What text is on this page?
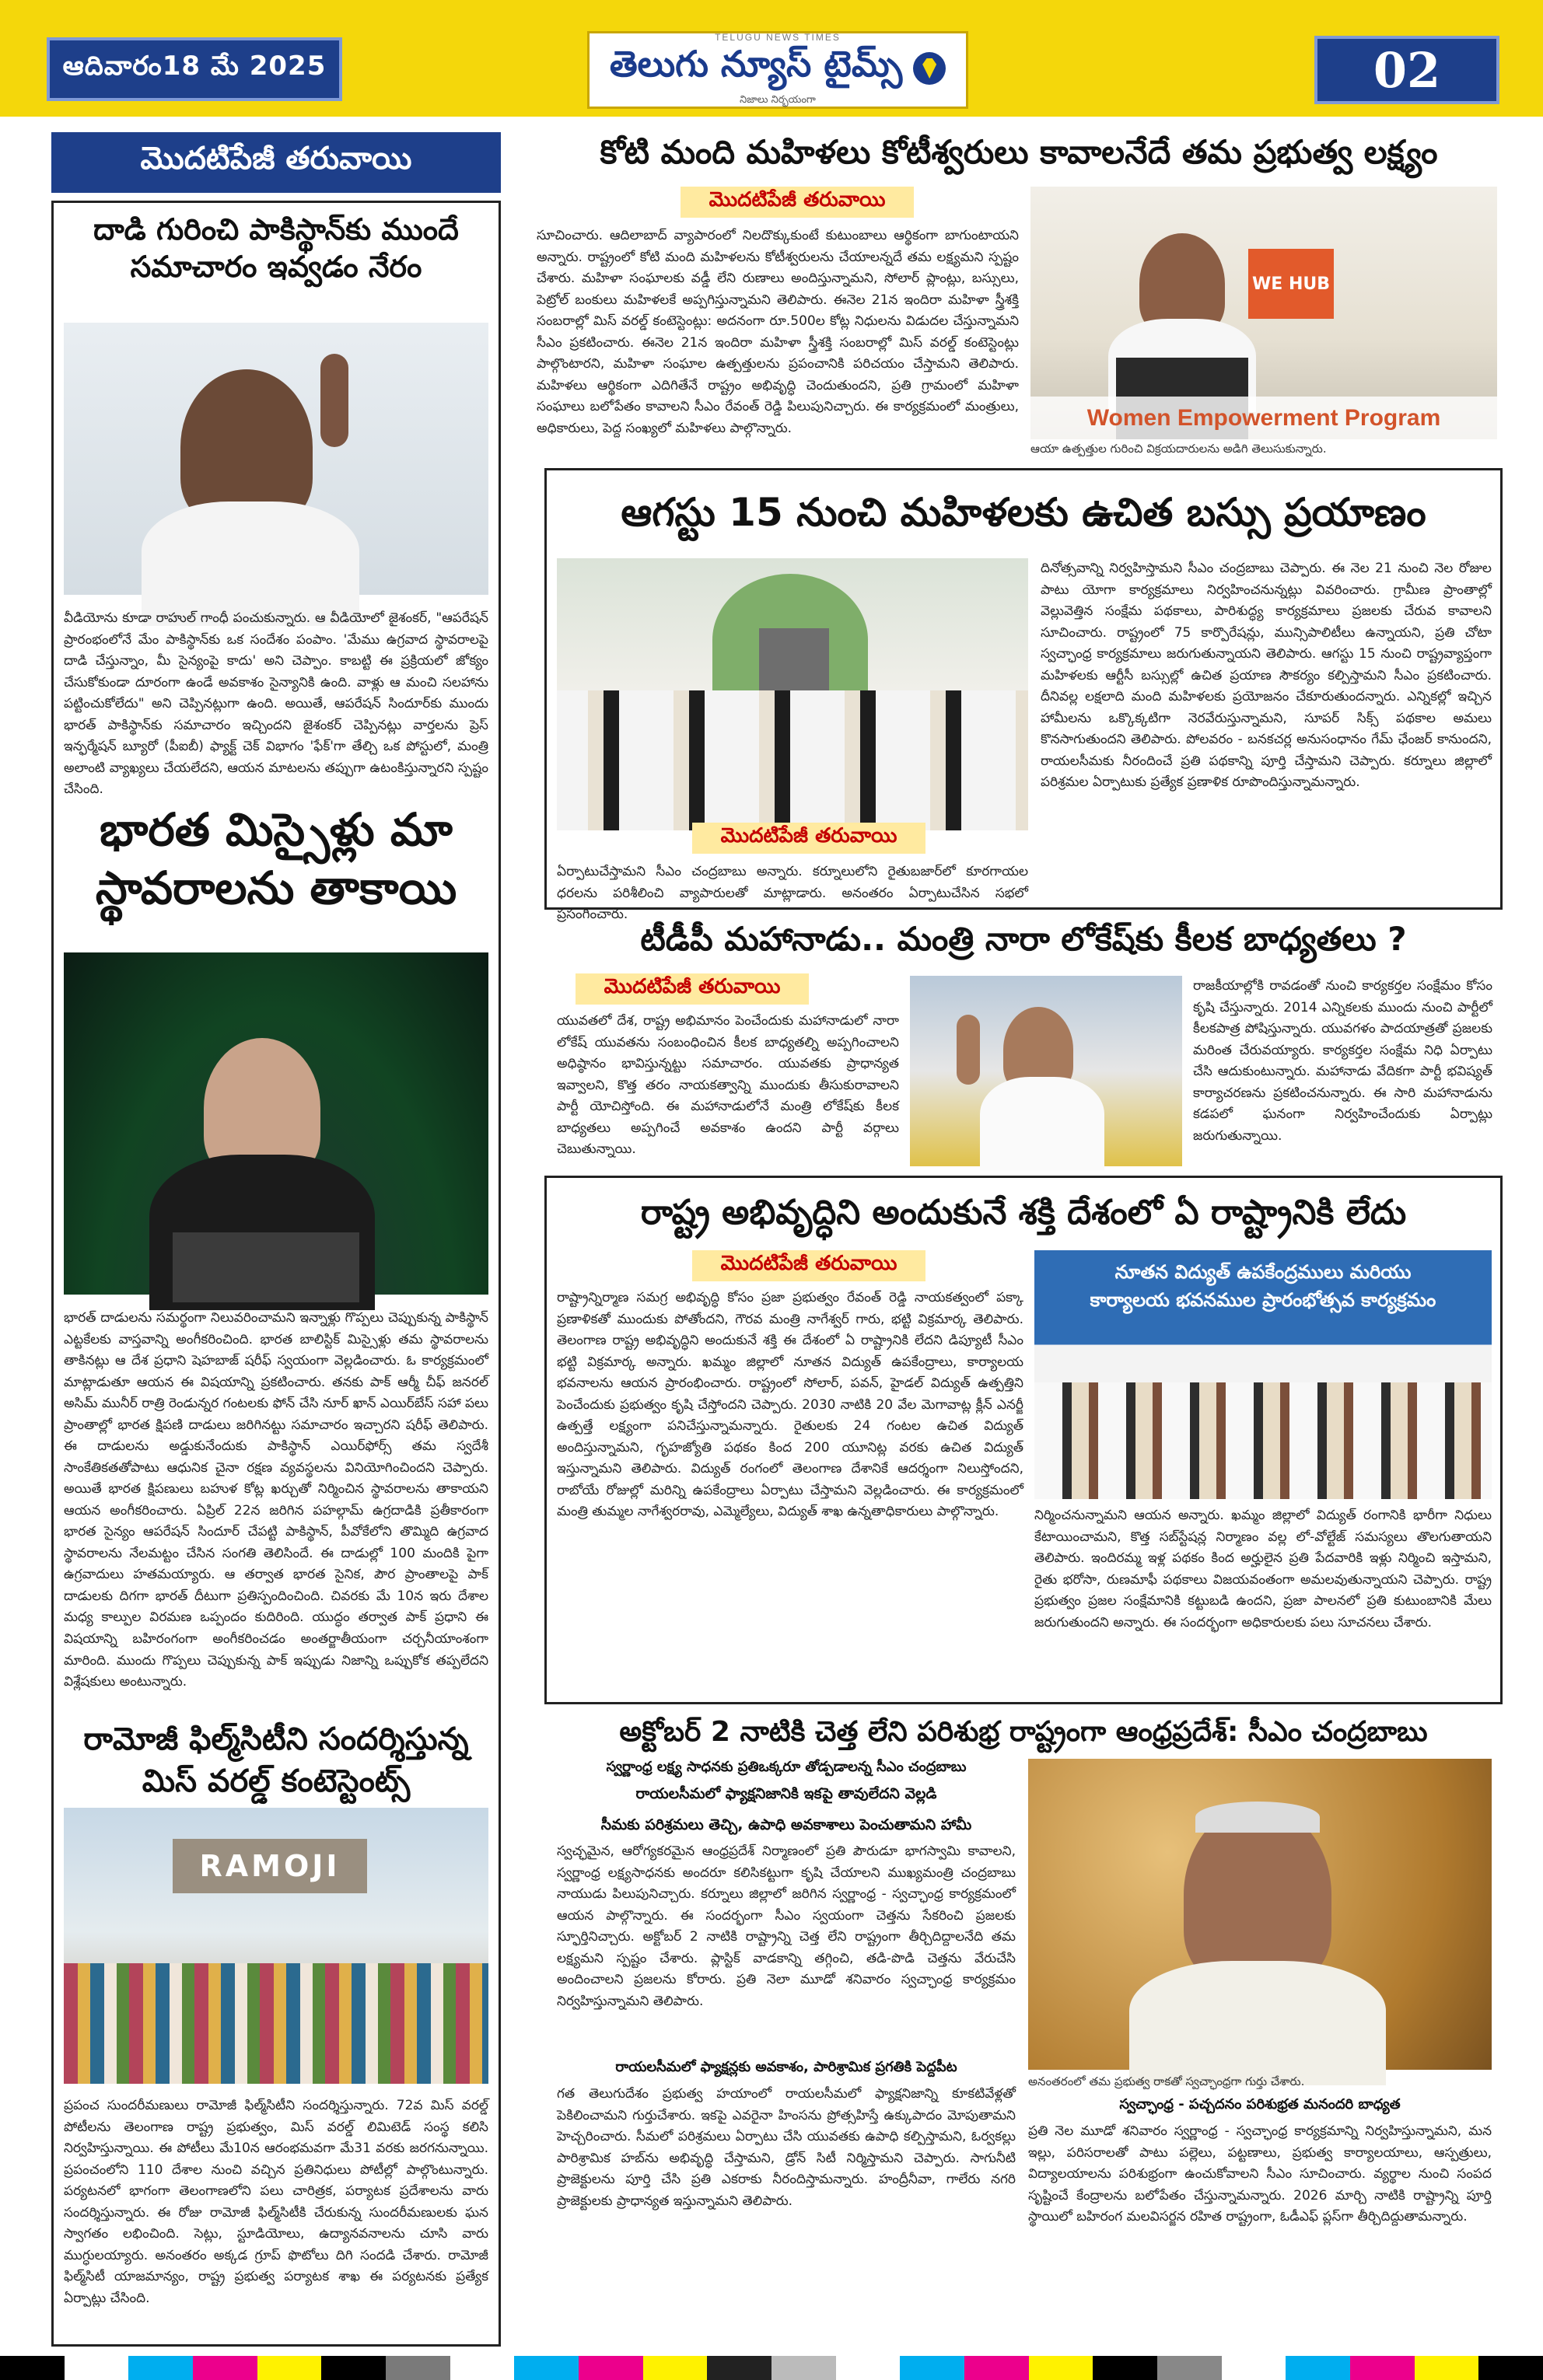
ఆదివారం18 మే 2025
TELUGU NEWS TIMES
తెలుగు న్యూస్ టైమ్స్
నిజాలు నిర్భయంగా
02
మొదటిపేజీ తరువాయి
దాడి గురించి పాకిస్థాన్‌కు ముందే సమాచారం ఇవ్వడం నేరం
వీడియోను కూడా రాహుల్ గాంధీ పంచుకున్నారు. ఆ వీడియోలో జైశంకర్, "ఆపరేషన్ ప్రారంభంలోనే మేం పాకిస్థాన్‌కు ఒక సందేశం పంపాం. 'మేము ఉగ్రవాద స్థావరాలపై దాడి చేస్తున్నాం, మీ సైన్యంపై కాదు' అని చెప్పాం. కాబట్టి ఈ ప్రక్రియలో జోక్యం చేసుకోకుండా దూరంగా ఉండే అవకాశం సైన్యానికి ఉంది. వాళ్లు ఆ మంచి సలహాను పట్టించుకోలేదు" అని చెప్పినట్లుగా ఉంది. అయితే, ఆపరేషన్ సిందూర్‌కు ముందు భారత్ పాకిస్థాన్‌కు సమాచారం ఇచ్చిందని జైశంకర్ చెప్పినట్లు వార్తలను ప్రెస్ ఇన్ఫర్మేషన్ బ్యూరో (పీఐబీ) ఫ్యాక్ట్ చెక్ విభాగం 'ఫేక్'గా తేల్చి ఒక పోస్టులో, మంత్రి అలాంటి వ్యాఖ్యలు చేయలేదని, ఆయన మాటలను తప్పుగా ఉటంకిస్తున్నారని స్పష్టం చేసింది.
భారత మిస్సైళ్లు మా స్థావరాలను తాకాయి
భారత్ దాడులను సమర్థంగా నిలువరించామని ఇన్నాళ్లు గొప్పలు చెప్పుకున్న పాకిస్థాన్ ఎట్టకేలకు వాస్తవాన్ని అంగీకరించింది. భారత బాలిస్టిక్ మిస్సైళ్లు తమ స్థావరాలను తాకినట్లు ఆ దేశ ప్రధాని షెహబాజ్ షరీఫ్ స్వయంగా వెల్లడించారు. ఓ కార్యక్రమంలో మాట్లాడుతూ ఆయన ఈ విషయాన్ని ప్రకటించారు. తనకు పాక్ ఆర్మీ చీఫ్ జనరల్ అసిమ్ మునీర్ రాత్రి రెండున్నర గంటలకు ఫోన్ చేసి నూర్ ఖాన్ ఎయిర్‌బేస్ సహా పలు ప్రాంతాల్లో భారత క్షిపణి దాడులు జరిగినట్టు సమాచారం ఇచ్చారని షరీఫ్ తెలిపారు. ఈ దాడులను అడ్డుకునేందుకు పాకిస్థాన్ ఎయిర్‌ఫోర్స్ తమ స్వదేశీ సాంకేతికతతోపాటు ఆధునిక చైనా రక్షణ వ్యవస్థలను వినియోగించిందని చెప్పారు. అయితే భారత క్షిపణులు బహుళ కోట్ల ఖర్చుతో నిర్మించిన స్థావరాలను తాకాయని ఆయన అంగీకరించారు. ఏప్రిల్ 22న జరిగిన పహల్గామ్ ఉగ్రదాడికి ప్రతీకారంగా భారత సైన్యం ఆపరేషన్ సిందూర్ చేపట్టి పాకిస్థాన్, పీవోకేలోని తొమ్మిది ఉగ్రవాద స్థావరాలను నేలమట్టం చేసిన సంగతి తెలిసిందే. ఈ దాడుల్లో 100 మందికి పైగా ఉగ్రవాదులు హతమయ్యారు. ఆ తర్వాత భారత సైనిక, పౌర ప్రాంతాలపై పాక్ దాడులకు దిగగా భారత్ దీటుగా ప్రతిస్పందించింది. చివరకు మే 10న ఇరు దేశాల మధ్య కాల్పుల విరమణ ఒప్పందం కుదిరింది. యుద్ధం తర్వాత పాక్ ప్రధాని ఈ విషయాన్ని బహిరంగంగా అంగీకరించడం అంతర్జాతీయంగా చర్చనీయాంశంగా మారింది. ముందు గొప్పలు చెప్పుకున్న పాక్ ఇప్పుడు నిజాన్ని ఒప్పుకోక తప్పలేదని విశ్లేషకులు అంటున్నారు.
రామోజీ ఫిల్మ్‌సిటీని సందర్శిస్తున్న మిస్ వరల్డ్ కంటెస్టెంట్స్
RAMOJI
ప్రపంచ సుందరీమణులు రామోజీ ఫిల్మ్‌సిటీని సందర్శిస్తున్నారు. 72వ మిస్ వరల్డ్ పోటీలను తెలంగాణ రాష్ట్ర ప్రభుత్వం, మిస్ వరల్డ్ లిమిటెడ్ సంస్థ కలిసి నిర్వహిస్తున్నాయి. ఈ పోటీలు మే10న ఆరంభమవగా మే31 వరకు జరగనున్నాయి. ప్రపంచంలోని 110 దేశాల నుంచి వచ్చిన ప్రతినిధులు పోటీల్లో పాల్గొంటున్నారు. పర్యటనలో భాగంగా తెలంగాణలోని పలు చారిత్రక, పర్యాటక ప్రదేశాలను వారు సందర్శిస్తున్నారు. ఈ రోజు రామోజీ ఫిల్మ్‌సిటీకి చేరుకున్న సుందరీమణులకు ఘన స్వాగతం లభించింది. సెట్లు, స్టూడియోలు, ఉద్యానవనాలను చూసి వారు ముగ్ధులయ్యారు. అనంతరం అక్కడ గ్రూప్ ఫొటోలు దిగి సందడి చేశారు. రామోజీ ఫిల్మ్‌సిటీ యాజమాన్యం, రాష్ట్ర ప్రభుత్వ పర్యాటక శాఖ ఈ పర్యటనకు ప్రత్యేక ఏర్పాట్లు చేసింది.
కోటి మంది మహిళలు కోటీశ్వరులు కావాలనేదే తమ ప్రభుత్వ లక్ష్యం
మొదటిపేజీ తరువాయి
సూచించారు. ఆదిలాబాద్ వ్యాపారంలో నిలదొక్కుకుంటే కుటుంబాలు ఆర్థికంగా బాగుంటాయని అన్నారు. రాష్ట్రంలో కోటి మంది మహిళలను కోటీశ్వరులను చేయాలన్నదే తమ లక్ష్యమని స్పష్టం చేశారు. మహిళా సంఘాలకు వడ్డీ లేని రుణాలు అందిస్తున్నామని, సోలార్ ప్లాంట్లు, బస్సులు, పెట్రోల్ బంకులు మహిళలకే అప్పగిస్తున్నామని తెలిపారు. ఈనెల 21న ఇందిరా మహిళా స్త్రీశక్తి సంబరాల్లో మిస్ వరల్డ్ కంటెస్టెంట్లు: అదనంగా రూ.500ల కోట్ల నిధులను విడుదల చేస్తున్నామని సీఎం ప్రకటించారు. ఈనెల 21న ఇందిరా మహిళా స్త్రీశక్తి సంబరాల్లో మిస్ వరల్డ్ కంటెస్టెంట్లు పాల్గొంటారని, మహిళా సంఘాల ఉత్పత్తులను ప్రపంచానికి పరిచయం చేస్తామని తెలిపారు. మహిళలు ఆర్థికంగా ఎదిగితేనే రాష్ట్రం అభివృద్ధి చెందుతుందని, ప్రతి గ్రామంలో మహిళా సంఘాలు బలోపేతం కావాలని సీఎం రేవంత్ రెడ్డి పిలుపునిచ్చారు. ఈ కార్యక్రమంలో మంత్రులు, అధికారులు, పెద్ద సంఖ్యలో మహిళలు పాల్గొన్నారు.
WE HUB
Women Empowerment Program
ఆయా ఉత్పత్తుల గురించి విక్రయదారులను అడిగి తెలుసుకున్నారు.
ఆగస్టు 15 నుంచి మహిళలకు ఉచిత బస్సు ప్రయాణం
మొదటిపేజీ తరువాయి
ఏర్పాటుచేస్తామని సీఎం చంద్రబాబు అన్నారు. కర్నూలులోని రైతుబజార్‌లో కూరగాయల ధరలను పరిశీలించి వ్యాపారులతో మాట్లాడారు. అనంతరం ఏర్పాటుచేసిన సభలో ప్రసంగించారు.
దినోత్సవాన్ని నిర్వహిస్తామని సీఎం చంద్రబాబు చెప్పారు. ఈ నెల 21 నుంచి నెల రోజుల పాటు యోగా కార్యక్రమాలు నిర్వహించనున్నట్లు వివరించారు. గ్రామీణ ప్రాంతాల్లో వెల్లువెత్తిన సంక్షేమ పథకాలు, పారిశుద్ధ్య కార్యక్రమాలు ప్రజలకు చేరువ కావాలని సూచించారు. రాష్ట్రంలో 75 కార్పొరేషన్లు, మున్సిపాలిటీలు ఉన్నాయని, ప్రతి చోటా స్వచ్ఛాంధ్ర కార్యక్రమాలు జరుగుతున్నాయని తెలిపారు. ఆగస్టు 15 నుంచి రాష్ట్రవ్యాప్తంగా మహిళలకు ఆర్టీసీ బస్సుల్లో ఉచిత ప్రయాణ సౌకర్యం కల్పిస్తామని సీఎం ప్రకటించారు. దీనివల్ల లక్షలాది మంది మహిళలకు ప్రయోజనం చేకూరుతుందన్నారు. ఎన్నికల్లో ఇచ్చిన హామీలను ఒక్కొక్కటిగా నెరవేరుస్తున్నామని, సూపర్ సిక్స్ పథకాల అమలు కొనసాగుతుందని తెలిపారు. పోలవరం - బనకచర్ల అనుసంధానం గేమ్ ఛేంజర్ కానుందని, రాయలసీమకు నీరందించే ప్రతి పథకాన్ని పూర్తి చేస్తామని చెప్పారు. కర్నూలు జిల్లాలో పరిశ్రమల ఏర్పాటుకు ప్రత్యేక ప్రణాళిక రూపొందిస్తున్నామన్నారు.
టీడీపీ మహానాడు.. మంత్రి నారా లోకేష్‌కు కీలక బాధ్యతలు ?
మొదటిపేజీ తరువాయి
యువతలో దేశ, రాష్ట్ర అభిమానం పెంచేందుకు మహానాడులో నారా లోకేష్ యువతను సంబంధించిన కీలక బాధ్యతల్ని అప్పగించాలని అధిష్ఠానం భావిస్తున్నట్టు సమాచారం. యువతకు ప్రాధాన్యత ఇవ్వాలని, కొత్త తరం నాయకత్వాన్ని ముందుకు తీసుకురావాలని పార్టీ యోచిస్తోంది. ఈ మహానాడులోనే మంత్రి లోకేష్‌కు కీలక బాధ్యతలు అప్పగించే అవకాశం ఉందని పార్టీ వర్గాలు చెబుతున్నాయి.
రాజకీయాల్లోకి రావడంతో నుంచి కార్యకర్తల సంక్షేమం కోసం కృషి చేస్తున్నారు. 2014 ఎన్నికలకు ముందు నుంచి పార్టీలో కీలకపాత్ర పోషిస్తున్నారు. యువగళం పాదయాత్రతో ప్రజలకు మరింత చేరువయ్యారు. కార్యకర్తల సంక్షేమ నిధి ఏర్పాటు చేసి ఆదుకుంటున్నారు. మహానాడు వేదికగా పార్టీ భవిష్యత్ కార్యాచరణను ప్రకటించనున్నారు. ఈ సారి మహానాడును కడపలో ఘనంగా నిర్వహించేందుకు ఏర్పాట్లు జరుగుతున్నాయి.
రాష్ట్ర అభివృద్ధిని అందుకునే శక్తి దేశంలో ఏ రాష్ట్రానికి లేదు
మొదటిపేజీ తరువాయి
రాష్ట్రాన్నిర్మాణ సమగ్ర అభివృద్ధి కోసం ప్రజా ప్రభుత్వం రేవంత్ రెడ్డి నాయకత్వంలో పక్కా ప్రణాళికతో ముందుకు పోతోందని, గౌరవ మంత్రి నాగేశ్వర్ గారు, భట్టి విక్రమార్క తెలిపారు. తెలంగాణ రాష్ట్ర అభివృద్ధిని అందుకునే శక్తి ఈ దేశంలో ఏ రాష్ట్రానికి లేదని డిప్యూటీ సీఎం భట్టి విక్రమార్క అన్నారు. ఖమ్మం జిల్లాలో నూతన విద్యుత్ ఉపకేంద్రాలు, కార్యాలయ భవనాలను ఆయన ప్రారంభించారు. రాష్ట్రంలో సోలార్, పవన్, హైడల్ విద్యుత్ ఉత్పత్తిని పెంచేందుకు ప్రభుత్వం కృషి చేస్తోందని చెప్పారు. 2030 నాటికి 20 వేల మెగావాట్ల క్లీన్ ఎనర్జీ ఉత్పత్తే లక్ష్యంగా పనిచేస్తున్నామన్నారు. రైతులకు 24 గంటల ఉచిత విద్యుత్ అందిస్తున్నామని, గృహజ్యోతి పథకం కింద 200 యూనిట్ల వరకు ఉచిత విద్యుత్ ఇస్తున్నామని తెలిపారు. విద్యుత్ రంగంలో తెలంగాణ దేశానికే ఆదర్శంగా నిలుస్తోందని, రాబోయే రోజుల్లో మరిన్ని ఉపకేంద్రాలు ఏర్పాటు చేస్తామని వెల్లడించారు. ఈ కార్యక్రమంలో మంత్రి తుమ్మల నాగేశ్వరరావు, ఎమ్మెల్యేలు, విద్యుత్ శాఖ ఉన్నతాధికారులు పాల్గొన్నారు.
నూతన విద్యుత్ ఉపకేంద్రములు మరియు
కార్యాలయ భవనముల ప్రారంభోత్సవ కార్యక్రమం
నిర్మించనున్నామని ఆయన అన్నారు. ఖమ్మం జిల్లాలో విద్యుత్ రంగానికి భారీగా నిధులు కేటాయించామని, కొత్త సబ్‌స్టేషన్ల నిర్మాణం వల్ల లో-వోల్టేజ్ సమస్యలు తొలగుతాయని తెలిపారు. ఇందిరమ్మ ఇళ్ల పథకం కింద అర్హులైన ప్రతి పేదవారికి ఇళ్లు నిర్మించి ఇస్తామని, రైతు భరోసా, రుణమాఫీ పథకాలు విజయవంతంగా అమలవుతున్నాయని చెప్పారు. రాష్ట్ర ప్రభుత్వం ప్రజల సంక్షేమానికి కట్టుబడి ఉందని, ప్రజా పాలనలో ప్రతి కుటుంబానికి మేలు జరుగుతుందని అన్నారు. ఈ సందర్భంగా అధికారులకు పలు సూచనలు చేశారు.
అక్టోబర్ 2 నాటికి చెత్త లేని పరిశుభ్ర రాష్ట్రంగా ఆంధ్రప్రదేశ్: సీఎం చంద్రబాబు
స్వర్ణాంధ్ర లక్ష్య సాధనకు ప్రతిఒక్కరూ తోడ్పడాలన్న సీఎం చంద్రబాబు
రాయలసీమలో ఫ్యాక్షనిజానికి ఇకపై తావులేదని వెల్లడి
సీమకు పరిశ్రమలు తెచ్చి, ఉపాధి అవకాశాలు పెంచుతామని హామీ
స్వచ్ఛమైన, ఆరోగ్యకరమైన ఆంధ్రప్రదేశ్ నిర్మాణంలో ప్రతి పౌరుడూ భాగస్వామి కావాలని, స్వర్ణాంధ్ర లక్ష్యసాధనకు అందరూ కలిసికట్టుగా కృషి చేయాలని ముఖ్యమంత్రి చంద్రబాబు నాయుడు పిలుపునిచ్చారు. కర్నూలు జిల్లాలో జరిగిన స్వర్ణాంధ్ర - స్వచ్ఛాంధ్ర కార్యక్రమంలో ఆయన పాల్గొన్నారు. ఈ సందర్భంగా సీఎం స్వయంగా చెత్తను సేకరించి ప్రజలకు స్ఫూర్తినిచ్చారు. అక్టోబర్ 2 నాటికి రాష్ట్రాన్ని చెత్త లేని రాష్ట్రంగా తీర్చిదిద్దాలనేది తమ లక్ష్యమని స్పష్టం చేశారు. ప్లాస్టిక్ వాడకాన్ని తగ్గించి, తడి-పొడి చెత్తను వేరుచేసి అందించాలని ప్రజలను కోరారు. ప్రతి నెలా మూడో శనివారం స్వచ్ఛాంధ్ర కార్యక్రమం నిర్వహిస్తున్నామని తెలిపారు.
రాయలసీమలో ఫ్యాక్షన్లకు అవకాశం, పారిశ్రామిక ప్రగతికి పెద్దపీట
గత తెలుగుదేశం ప్రభుత్వ హయాంలో రాయలసీమలో ఫ్యాక్షనిజాన్ని కూకటివేళ్లతో పెకిలించామని గుర్తుచేశారు. ఇకపై ఎవరైనా హింసను ప్రోత్సహిస్తే ఉక్కుపాదం మోపుతామని హెచ్చరించారు. సీమలో పరిశ్రమలు ఏర్పాటు చేసి యువతకు ఉపాధి కల్పిస్తామని, ఓర్వకల్లు పారిశ్రామిక హబ్‌ను అభివృద్ధి చేస్తామని, డ్రోన్ సిటీ నిర్మిస్తామని చెప్పారు. సాగునీటి ప్రాజెక్టులను పూర్తి చేసి ప్రతి ఎకరాకు నీరందిస్తామన్నారు. హంద్రీనీవా, గాలేరు నగరి ప్రాజెక్టులకు ప్రాధాన్యత ఇస్తున్నామని తెలిపారు.
అనంతరంలో తమ ప్రభుత్వ రాకతో స్వచ్ఛాంధ్రగా గుర్తు చేశారు.
స్వచ్ఛాంధ్ర - పచ్చదనం పరిశుభ్రత మనందరి బాధ్యత
ప్రతి నెల మూడో శనివారం స్వర్ణాంధ్ర - స్వచ్ఛాంధ్ర కార్యక్రమాన్ని నిర్వహిస్తున్నామని, మన ఇల్లు, పరిసరాలతో పాటు పల్లెలు, పట్టణాలు, ప్రభుత్వ కార్యాలయాలు, ఆస్పత్రులు, విద్యాలయాలను పరిశుభ్రంగా ఉంచుకోవాలని సీఎం సూచించారు. వ్యర్థాల నుంచి సంపద సృష్టించే కేంద్రాలను బలోపేతం చేస్తున్నామన్నారు. 2026 మార్చి నాటికి రాష్ట్రాన్ని పూర్తి స్థాయిలో బహిరంగ మలవిసర్జన రహిత రాష్ట్రంగా, ఓడీఎఫ్ ప్లస్‌గా తీర్చిదిద్దుతామన్నారు.
